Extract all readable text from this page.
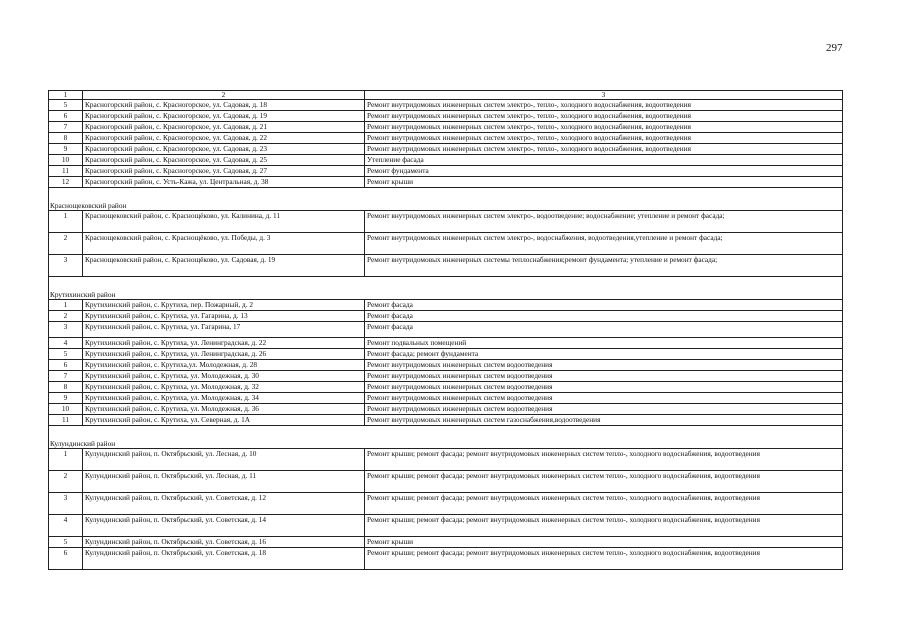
297
1	2	3
5	Красногорский район, с. Красногорское, ул. Садовая, д. 18	Ремонт внутридомовых инженерных систем электро-, тепло-, холодного водоснабжения, водоотведения
6	Красногорский район, с. Красногорское, ул. Садовая, д. 19	Ремонт внутридомовых инженерных систем электро-, тепло-, холодного водоснабжения, водоотведения
7	Красногорский район, с. Красногорское, ул. Садовая, д. 21	Ремонт внутридомовых инженерных систем электро-, тепло-, холодного водоснабжения, водоотведения
8	Красногорский район, с. Красногорское, ул. Садовая, д. 22	Ремонт внутридомовых инженерных систем электро-, тепло-, холодного водоснабжения, водоотведения
9	Красногорский район, с. Красногорское, ул. Садовая, д. 23	Ремонт внутридомовых инженерных систем электро-, тепло-, холодного водоснабжения, водоотведения
10	Красногорский район, с. Красногорское, ул. Садовая, д. 25	Утепление фасада
11	Красногорский район, с. Красногорское, ул. Садовая, д. 27	Ремонт фундамента
12	Красногорский район, с. Усть-Кажа, ул. Центральная, д. 38	Ремонт крыши
Краснощековский район		
1	Краснощековский район, с. Краснощёково, ул. Калинина, д. 11	Ремонт внутридомовых инженерных систем электро-, водоотведение; водоснабжение; утепление и ремонт фасада;
2	Краснощековский район, с. Краснощёково, ул. Победы, д. 3	Ремонт внутридомовых инженерных систем электро-, водоснабжения, водоотведения,утепление и ремонт фасада;
3	Краснощековский район, с. Краснощёково, ул. Садовая, д. 19	Ремонт внутридомовых инженерных системы теплоснабжения;ремонт фундамента; утепление и ремонт фасада;
Крутихинский район		
1	Крутихинский район, с. Крутиха, пер. Пожарный, д. 2	Ремонт фасада
2	Крутихинский район, с. Крутиха, ул. Гагарина, д. 13	Ремонт фасада
3	Крутихинский район, с. Крутиха, ул. Гагарина, 17	Ремонт фасада
4	Крутихинский район, с. Крутиха, ул. Ленинградская, д. 22	Ремонт подвальных помещений
5	Крутихинский район, с. Крутиха, ул. Ленинградская, д. 26	Ремонт фасада; ремонт фундамента
6	Крутихинский район, с. Крутиха,ул. Молодежная, д. 28	Ремонт внутридомовых инженерных систем водоотведения
7	Крутихинский район, с. Крутиха, ул. Молодежная, д. 30	Ремонт внутридомовых инженерных систем водоотведения
8	Крутихинский район, с. Крутиха, ул. Молодежная, д. 32	Ремонт внутридомовых инженерных систем водоотведения
9	Крутихинский район, с. Крутиха, ул. Молодежная, д. 34	Ремонт внутридомовых инженерных систем водоотведения
10	Крутихинский район, с. Крутиха, ул. Молодежная, д. 36	Ремонт внутридомовых инженерных систем водоотведения
11	Крутихинский район, с. Крутиха, ул. Северная, д. 1А	Ремонт внутридомовых инженерных систем газоснабжения,водоотведения
Кулундинский район		
1	Кулундинский район, п. Октябрьский, ул. Лесная, д. 10	Ремонт крыши; ремонт фасада; ремонт внутридомовых инженерных систем тепло-, холодного водоснабжения, водоотведения
2	Кулундинский район, п. Октябрьский, ул. Лесная, д. 11	Ремонт крыши; ремонт фасада; ремонт внутридомовых инженерных систем тепло-, холодного водоснабжения, водоотведения
3	Кулундинский район, п. Октябрьский, ул. Советская, д. 12	Ремонт крыши; ремонт фасада; ремонт внутридомовых инженерных систем тепло-, холодного водоснабжения, водоотведения
4	Кулундинский район, п. Октябрьский, ул. Советская, д. 14	Ремонт крыши; ремонт фасада; ремонт внутридомовых инженерных систем тепло-, холодного водоснабжения, водоотведения
5	Кулундинский район, п. Октябрьский, ул. Советская, д. 16	Ремонт крыши
6	Кулундинский район, п. Октябрьский, ул. Советская, д. 18	Ремонт крыши; ремонт фасада; ремонт внутридомовых инженерных систем тепло-, холодного водоснабжения, водоотведения
